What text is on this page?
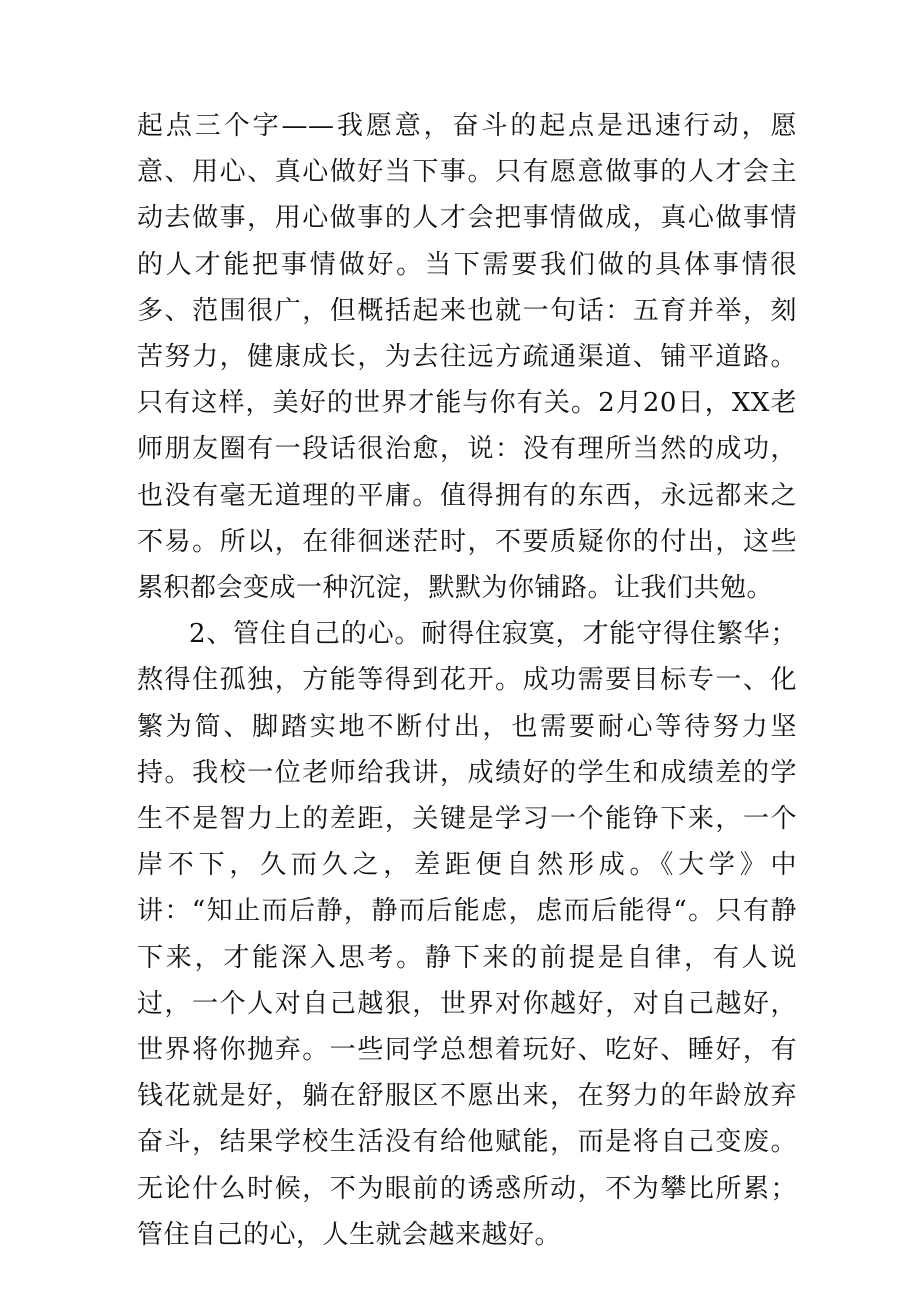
起点三个字——我愿意，奋斗的起点是迅速行动，愿意、用心、真心做好当下事。只有愿意做事的人才会主动去做事，用心做事的人才会把事情做成，真心做事情的人才能把事情做好。当下需要我们做的具体事情很多、范围很广，但概括起来也就一句话：五育并举，刻苦努力，健康成长，为去往远方疏通渠道、铺平道路。只有这样，美好的世界才能与你有关。2月20日，XX老师朋友圈有一段话很治愈，说：没有理所当然的成功，也没有毫无道理的平庸。值得拥有的东西，永远都来之不易。所以，在徘徊迷茫时，不要质疑你的付出，这些累积都会变成一种沉淀，默默为你铺路。让我们共勉。

2、管住自己的心。耐得住寂寞，才能守得住繁华；熬得住孤独，方能等得到花开。成功需要目标专一、化繁为简、脚踏实地不断付出，也需要耐心等待努力坚持。我校一位老师给我讲，成绩好的学生和成绩差的学生不是智力上的差距，关键是学习一个能铮下来，一个岸不下，久而久之，差距便自然形成。《大学》中讲：“知止而后静，静而后能虑，虑而后能得“。只有静下来，才能深入思考。静下来的前提是自律，有人说过，一个人对自己越狠，世界对你越好，对自己越好，世界将你抛弃。一些同学总想着玩好、吃好、睡好，有钱花就是好，躺在舒服区不愿出来，在努力的年龄放弃奋斗，结果学校生活没有给他赋能，而是将自己变废。无论什么时候，不为眼前的诱惑所动，不为攀比所累；管住自己的心，人生就会越来越好。
